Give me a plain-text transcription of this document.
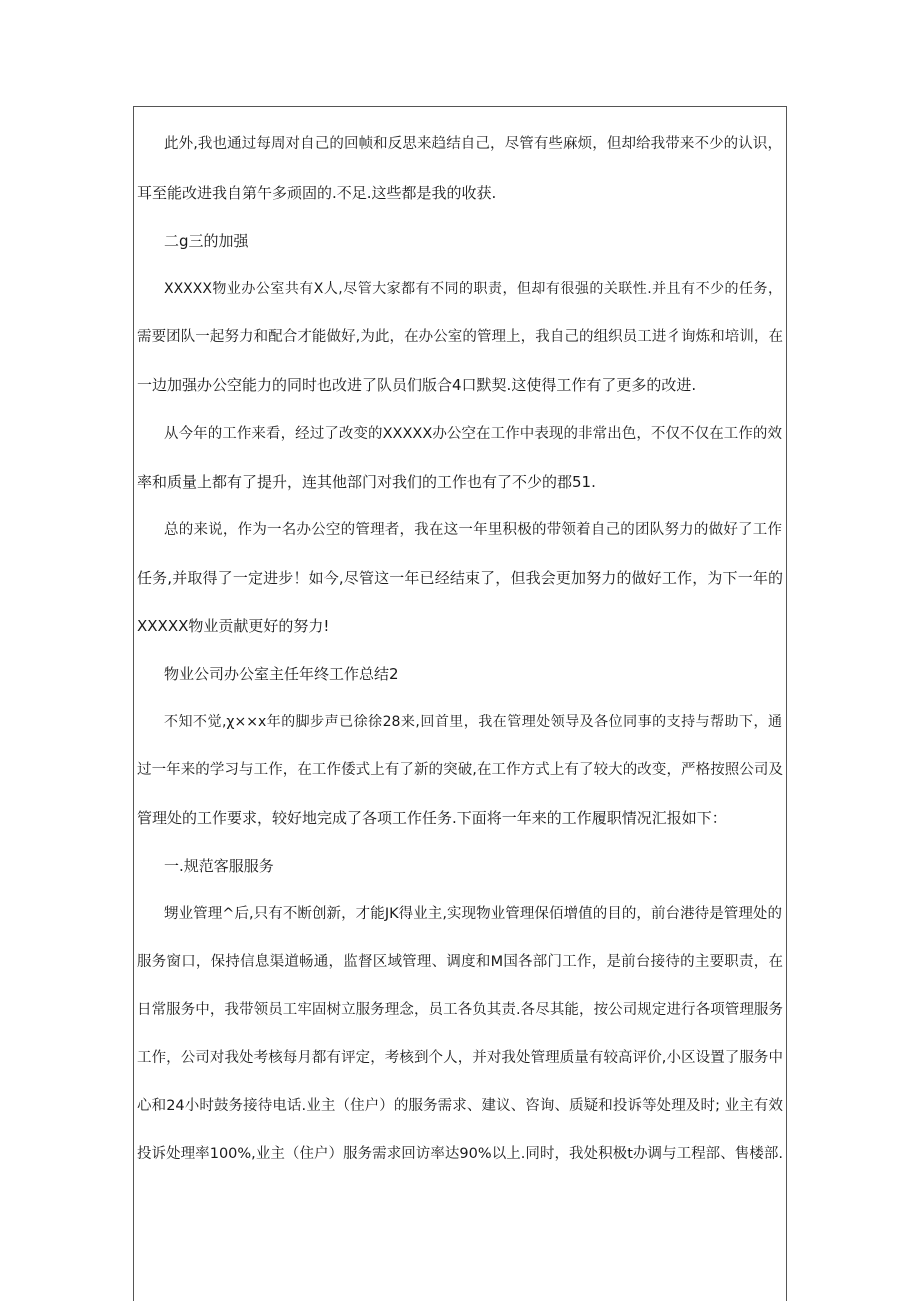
此外,我也通过每周对自己的回帧和反思来趋结自己，尽管有些麻烦，但却给我带来不少的认识，
耳至能改进我自第午多顽固的.不足.这些都是我的收获.
二g三的加强
XXXXX物业办公室共有X人,尽管大家都有不同的职责，但却有很强的关联性.并且有不少的任务，
需要团队一起努力和配合才能做好,为此，在办公室的管理上，我自己的组织员工进彳询炼和培训，在
一边加强办公空能力的同时也改进了队员们版合4口默契.这使得工作有了更多的改进.
从今年的工作来看，经过了改变的XXXXX办公空在工作中表现的非常出色，不仅不仅在工作的效
率和质量上都有了提升，连其他部门对我们的工作也有了不少的郡51.
总的来说，作为一名办公空的管理者，我在这一年里积极的带领着自己的团队努力的做好了工作
任务,并取得了一定进步！如今,尽管这一年已经结束了，但我会更加努力的做好工作，为下一年的
XXXXX物业贡献更好的努力!
物业公司办公室主任年终工作总结2
不知不觉,χ××x年的脚步声已徐徐28来,回首里，我在管理处领导及各位同事的支持与帮助下，通
过一年来的学习与工作，在工作倭式上有了新的突破,在工作方式上有了较大的改变，严格按照公司及
管理处的工作要求，较好地完成了各项工作任务.下面将一年来的工作履职情况汇报如下：
一.规范客服服务
甥业管理^后,只有不断创新，才能JK得业主,实现物业管理保佰增值的目的，前台港待是管理处的
服务窗口，保持信息渠道畅通，监督区域管理、调度和M国各部门工作，是前台接待的主要职责，在
日常服务中，我带领员工牢固树立服务理念，员工各负其责.各尽其能，按公司规定进行各项管理服务
工作，公司对我处考核每月都有评定，考核到个人，并对我处管理质量有较高评价,小区设置了服务中
心和24小时鼓务接待电话.业主（住户）的服务需求、建议、咨询、质疑和投诉等处理及时; 业主有效
投诉处理率100%,业主（住户）服务需求回访率达90%以上.同时，我处积极t办调与工程部、售楼部.
